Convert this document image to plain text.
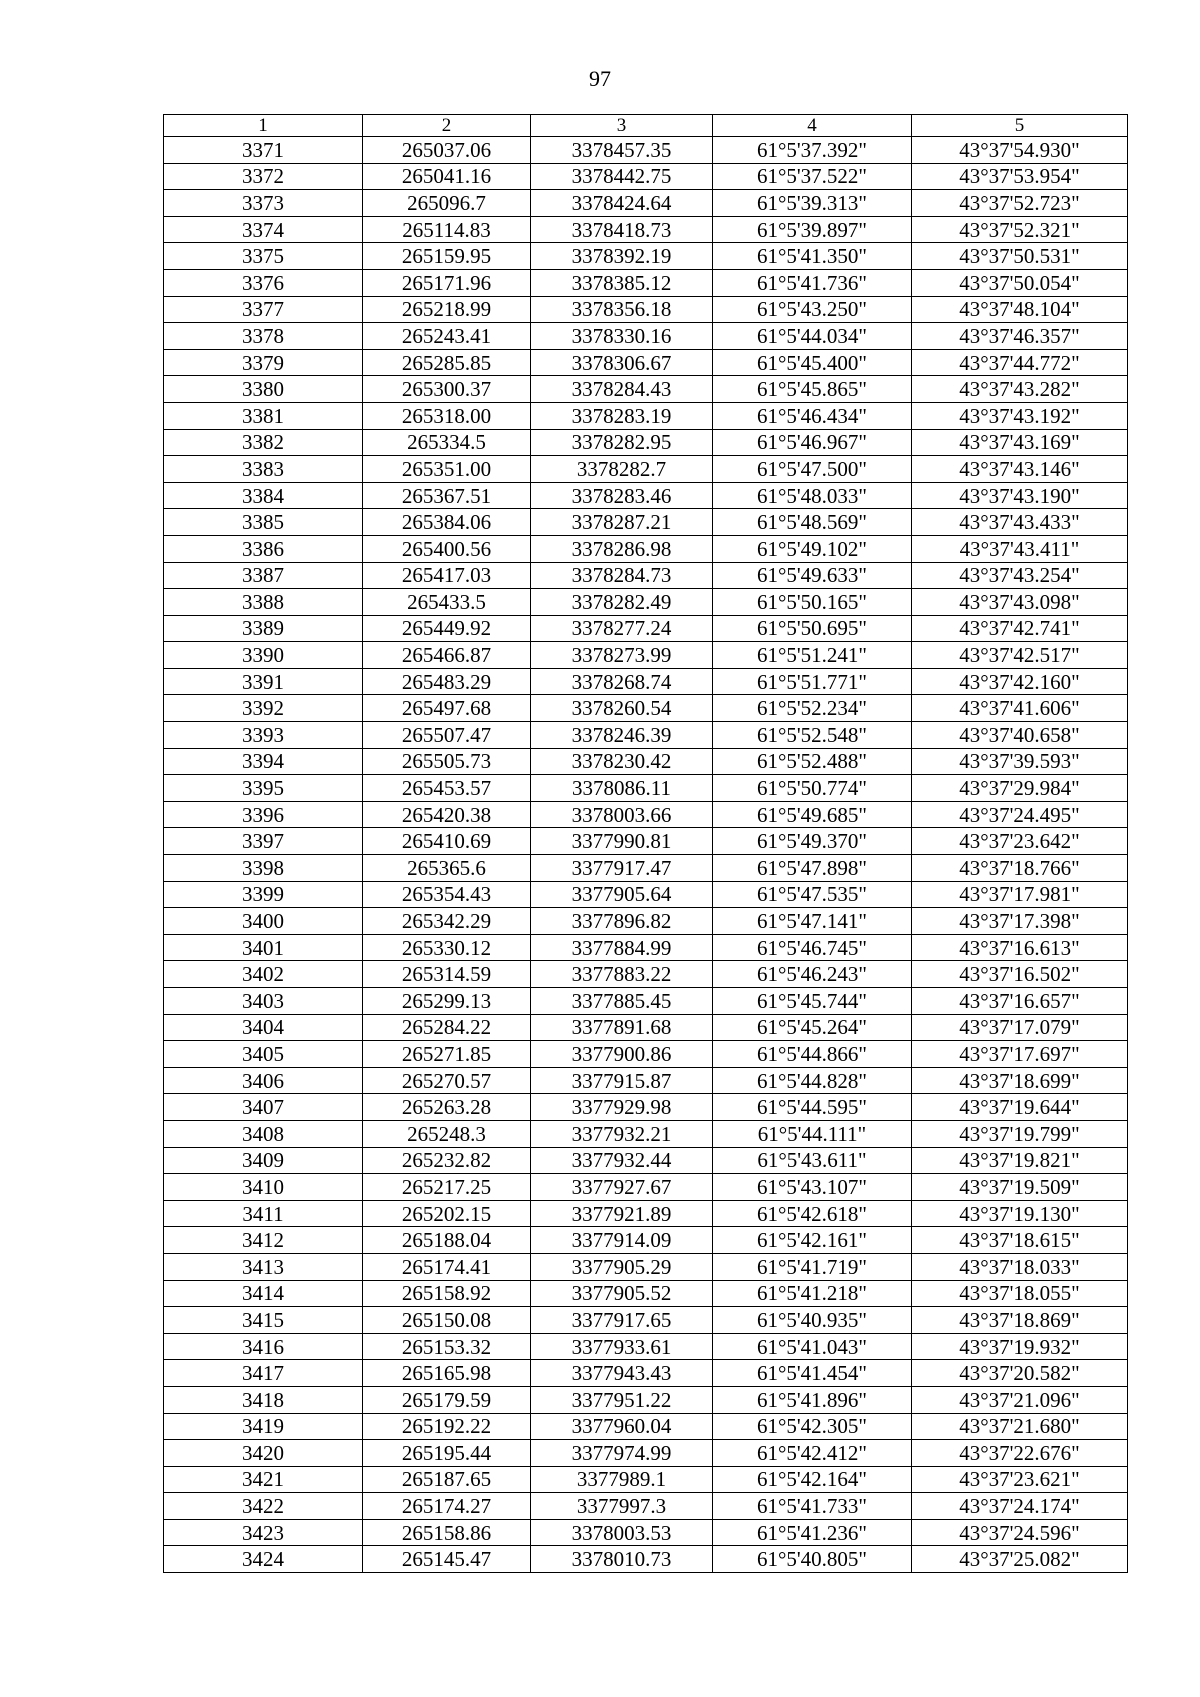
97
1	2	3	4	5
3371	265037.06	3378457.35	61°5'37.392"	43°37'54.930"
3372	265041.16	3378442.75	61°5'37.522"	43°37'53.954"
3373	265096.7	3378424.64	61°5'39.313"	43°37'52.723"
3374	265114.83	3378418.73	61°5'39.897"	43°37'52.321"
3375	265159.95	3378392.19	61°5'41.350"	43°37'50.531"
3376	265171.96	3378385.12	61°5'41.736"	43°37'50.054"
3377	265218.99	3378356.18	61°5'43.250"	43°37'48.104"
3378	265243.41	3378330.16	61°5'44.034"	43°37'46.357"
3379	265285.85	3378306.67	61°5'45.400"	43°37'44.772"
3380	265300.37	3378284.43	61°5'45.865"	43°37'43.282"
3381	265318.00	3378283.19	61°5'46.434"	43°37'43.192"
3382	265334.5	3378282.95	61°5'46.967"	43°37'43.169"
3383	265351.00	3378282.7	61°5'47.500"	43°37'43.146"
3384	265367.51	3378283.46	61°5'48.033"	43°37'43.190"
3385	265384.06	3378287.21	61°5'48.569"	43°37'43.433"
3386	265400.56	3378286.98	61°5'49.102"	43°37'43.411"
3387	265417.03	3378284.73	61°5'49.633"	43°37'43.254"
3388	265433.5	3378282.49	61°5'50.165"	43°37'43.098"
3389	265449.92	3378277.24	61°5'50.695"	43°37'42.741"
3390	265466.87	3378273.99	61°5'51.241"	43°37'42.517"
3391	265483.29	3378268.74	61°5'51.771"	43°37'42.160"
3392	265497.68	3378260.54	61°5'52.234"	43°37'41.606"
3393	265507.47	3378246.39	61°5'52.548"	43°37'40.658"
3394	265505.73	3378230.42	61°5'52.488"	43°37'39.593"
3395	265453.57	3378086.11	61°5'50.774"	43°37'29.984"
3396	265420.38	3378003.66	61°5'49.685"	43°37'24.495"
3397	265410.69	3377990.81	61°5'49.370"	43°37'23.642"
3398	265365.6	3377917.47	61°5'47.898"	43°37'18.766"
3399	265354.43	3377905.64	61°5'47.535"	43°37'17.981"
3400	265342.29	3377896.82	61°5'47.141"	43°37'17.398"
3401	265330.12	3377884.99	61°5'46.745"	43°37'16.613"
3402	265314.59	3377883.22	61°5'46.243"	43°37'16.502"
3403	265299.13	3377885.45	61°5'45.744"	43°37'16.657"
3404	265284.22	3377891.68	61°5'45.264"	43°37'17.079"
3405	265271.85	3377900.86	61°5'44.866"	43°37'17.697"
3406	265270.57	3377915.87	61°5'44.828"	43°37'18.699"
3407	265263.28	3377929.98	61°5'44.595"	43°37'19.644"
3408	265248.3	3377932.21	61°5'44.111"	43°37'19.799"
3409	265232.82	3377932.44	61°5'43.611"	43°37'19.821"
3410	265217.25	3377927.67	61°5'43.107"	43°37'19.509"
3411	265202.15	3377921.89	61°5'42.618"	43°37'19.130"
3412	265188.04	3377914.09	61°5'42.161"	43°37'18.615"
3413	265174.41	3377905.29	61°5'41.719"	43°37'18.033"
3414	265158.92	3377905.52	61°5'41.218"	43°37'18.055"
3415	265150.08	3377917.65	61°5'40.935"	43°37'18.869"
3416	265153.32	3377933.61	61°5'41.043"	43°37'19.932"
3417	265165.98	3377943.43	61°5'41.454"	43°37'20.582"
3418	265179.59	3377951.22	61°5'41.896"	43°37'21.096"
3419	265192.22	3377960.04	61°5'42.305"	43°37'21.680"
3420	265195.44	3377974.99	61°5'42.412"	43°37'22.676"
3421	265187.65	3377989.1	61°5'42.164"	43°37'23.621"
3422	265174.27	3377997.3	61°5'41.733"	43°37'24.174"
3423	265158.86	3378003.53	61°5'41.236"	43°37'24.596"
3424	265145.47	3378010.73	61°5'40.805"	43°37'25.082"
